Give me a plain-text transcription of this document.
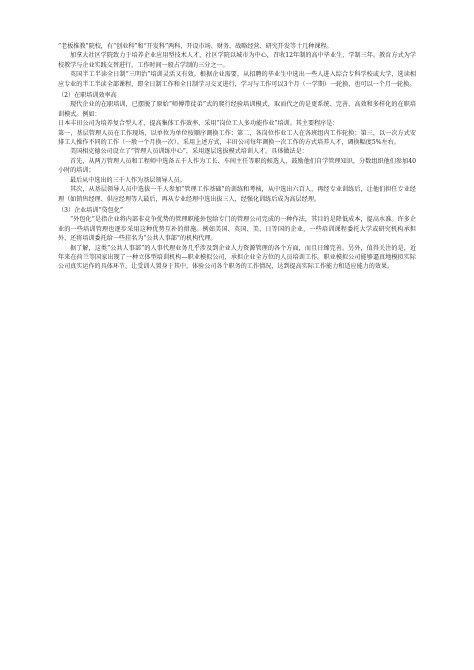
“老板推教”院校，有“创业科”和“开发科”两科，开设市场、财务、战略经营、研究开发等十几种课程。

加拿大社区学院致力于培养企业应用型技术人才，社区学院以城市为中心，召收12年制的高中毕业生，学制三年。教育方式为学校教学与企业实践交替进行，工作时间一般占学制的三分之一。

英国半工半读全日制“三明治”培训灵活又有效。根据企业需要，从招聘的毕业生中选出一些人进入综合专科学校或大学，选读相应专业的半工半读全部课程，即全日制工作和全日制学习交叉进行，学习与工作可以3个月（一学期）一轮换，也可以一个月一轮换。

（2）在职培训效率高

现代企业的在职培训，已摆脱了原始“师傅带徒弟”式的爬行经验培训模式，取而代之的是更系统、完善、高效和多样化的在职培训模式。例如：

日本丰田公司为培养复合型人才，提高集体工作效率，采用“岗位工人多功能作业”培训。其主要程序是：

第一，基层管理人员在工作现场，以单位为单位按顺序调换工作；第二，各岗位作业工人在各班组内工作轮换；第三，以一次方式安排工人操作不同的工作（一般一个月换一次）。采用上述方式，丰田公司每年调换一次工作的方式培养人才，调换幅度5%左右。

美国相克德公司设立了“管理人员训练中心”，采用逐层选拔模式培训人才。具体做法是：

首先，从两万管理人员和工程师中选备五千人作为工长、车间主任等职的候选人，鼓励他们自学管理知识，分数组织他们参加40小时的培训；

最后从中选出的三千人作为基层领导人员。

其次，从基层领导人员中选拔一千人参加“管理工作基础”的训练和考核，从中选出六百人，再经专业训练后，让他们担任专业经理（如销售经理、供应经理等人最后，再从专业经理中选出拔三人，经强化训练后成为高层经理。

（3）企业培训“贷包化”

“外包化”是指企业将内部非竞争优势的管理职能外包给专门的管理公司完成的一种作法，其目的是降低成本，提高水准。许多企业的一些培训管理也逐步采用这种优势互补的措施。例如美国、英国、美、日等国的企业，一些培训课程委托大学或研究机构承担外，还将培训委托给一些挂名为“公共人事部”的机构代理。

据了解，这类“公共人事部”的人事代理业务几乎涉及到企业人力资源管理的各个方面，而且日臻完善。另外，值得关注的是，近年来在荷兰等国家出现了一种立体型培训机构—职业模拟公司，承担企业全方位的人员培训工作。职业模拟公司能够逼真地模拟实际公司真实运作的具体环节，让受训人置身于其中，体验公司各个职务的工作情况，达到提高实际工作能力和适应能力的效果。
